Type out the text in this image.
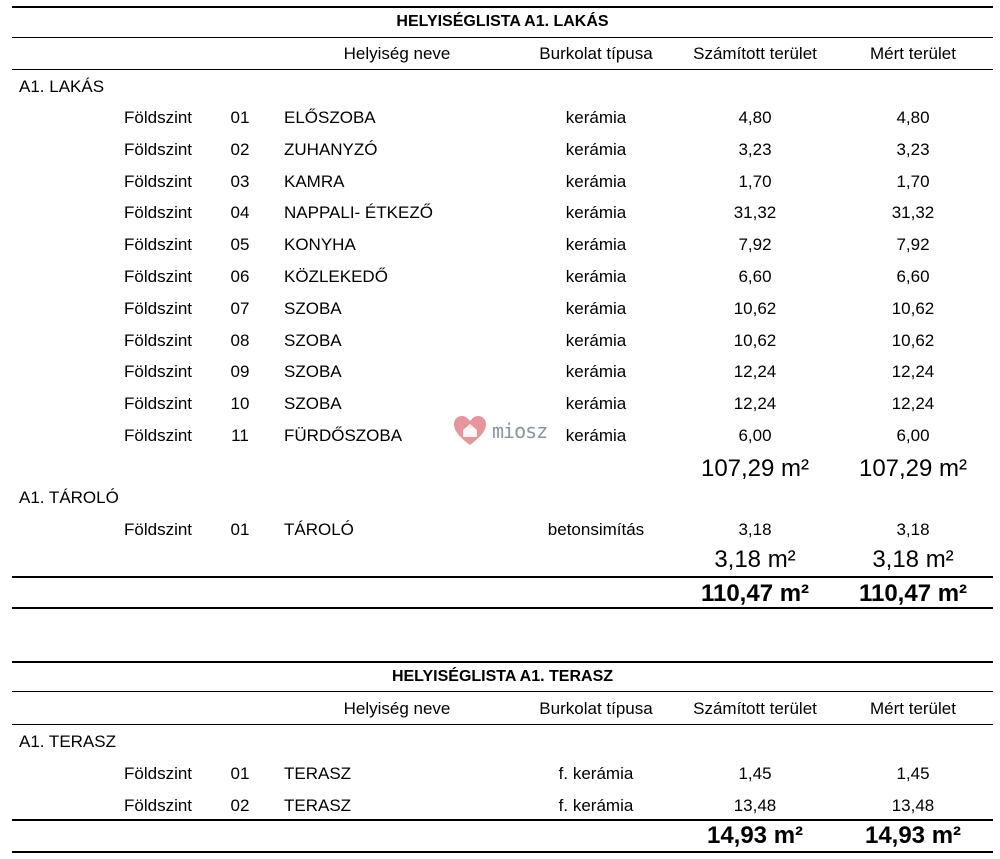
HELYISÉGLISTA A1. LAKÁS
Helyiség neve	Burkolat típusa	Számított terület	Mért terület
A1. LAKÁS
Földszint	01	ELŐSZOBA	kerámia	4,80	4,80
Földszint	02	ZUHANYZÓ	kerámia	3,23	3,23
Földszint	03	KAMRA	kerámia	1,70	1,70
Földszint	04	NAPPALI- ÉTKEZŐ	kerámia	31,32	31,32
Földszint	05	KONYHA	kerámia	7,92	7,92
Földszint	06	KÖZLEKEDŐ	kerámia	6,60	6,60
Földszint	07	SZOBA	kerámia	10,62	10,62
Földszint	08	SZOBA	kerámia	10,62	10,62
Földszint	09	SZOBA	kerámia	12,24	12,24
Földszint	10	SZOBA	kerámia	12,24	12,24
Földszint	11	FÜRDŐSZOBA	kerámia	6,00	6,00
107,29 m²	107,29 m²
A1. TÁROLÓ
Földszint	01	TÁROLÓ	betonsimítás	3,18	3,18
3,18 m²	3,18 m²
110,47 m²	110,47 m²
HELYISÉGLISTA A1. TERASZ
Helyiség neve	Burkolat típusa	Számított terület	Mért terület
A1. TERASZ
Földszint	01	TERASZ	f. kerámia	1,45	1,45
Földszint	02	TERASZ	f. kerámia	13,48	13,48
14,93 m²	14,93 m²
miosz
